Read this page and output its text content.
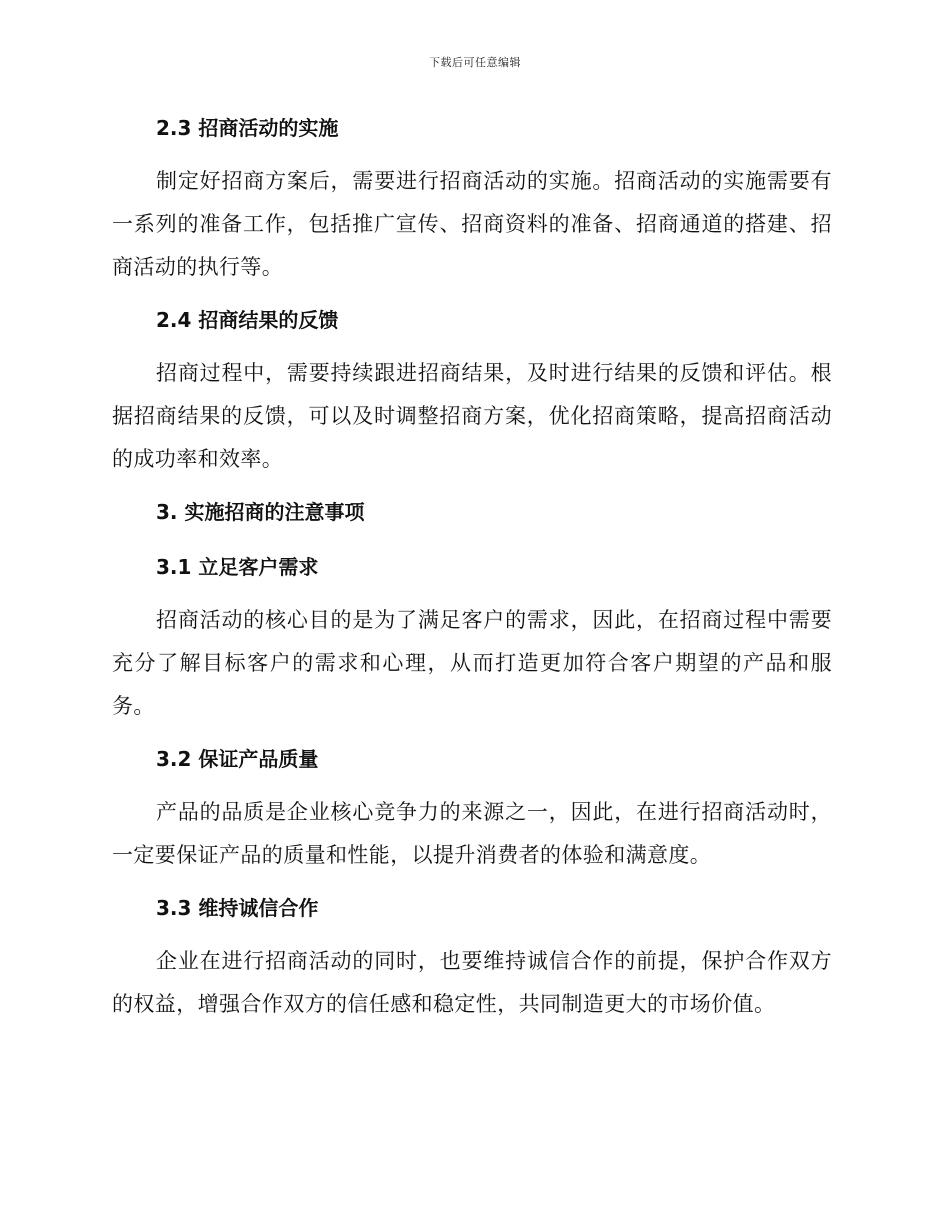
下载后可任意编辑
2.3 招商活动的实施

制定好招商方案后，需要进行招商活动的实施。招商活动的实施需要有一系列的准备工作，包括推广宣传、招商资料的准备、招商通道的搭建、招商活动的执行等。

2.4 招商结果的反馈

招商过程中，需要持续跟进招商结果，及时进行结果的反馈和评估。根据招商结果的反馈，可以及时调整招商方案，优化招商策略，提高招商活动的成功率和效率。

3. 实施招商的注意事项
3.1 立足客户需求

招商活动的核心目的是为了满足客户的需求，因此，在招商过程中需要充分了解目标客户的需求和心理，从而打造更加符合客户期望的产品和服务。

3.2 保证产品质量

产品的品质是企业核心竞争力的来源之一，因此，在进行招商活动时，一定要保证产品的质量和性能，以提升消费者的体验和满意度。

3.3 维持诚信合作

企业在进行招商活动的同时，也要维持诚信合作的前提，保护合作双方的权益，增强合作双方的信任感和稳定性，共同制造更大的市场价值。
